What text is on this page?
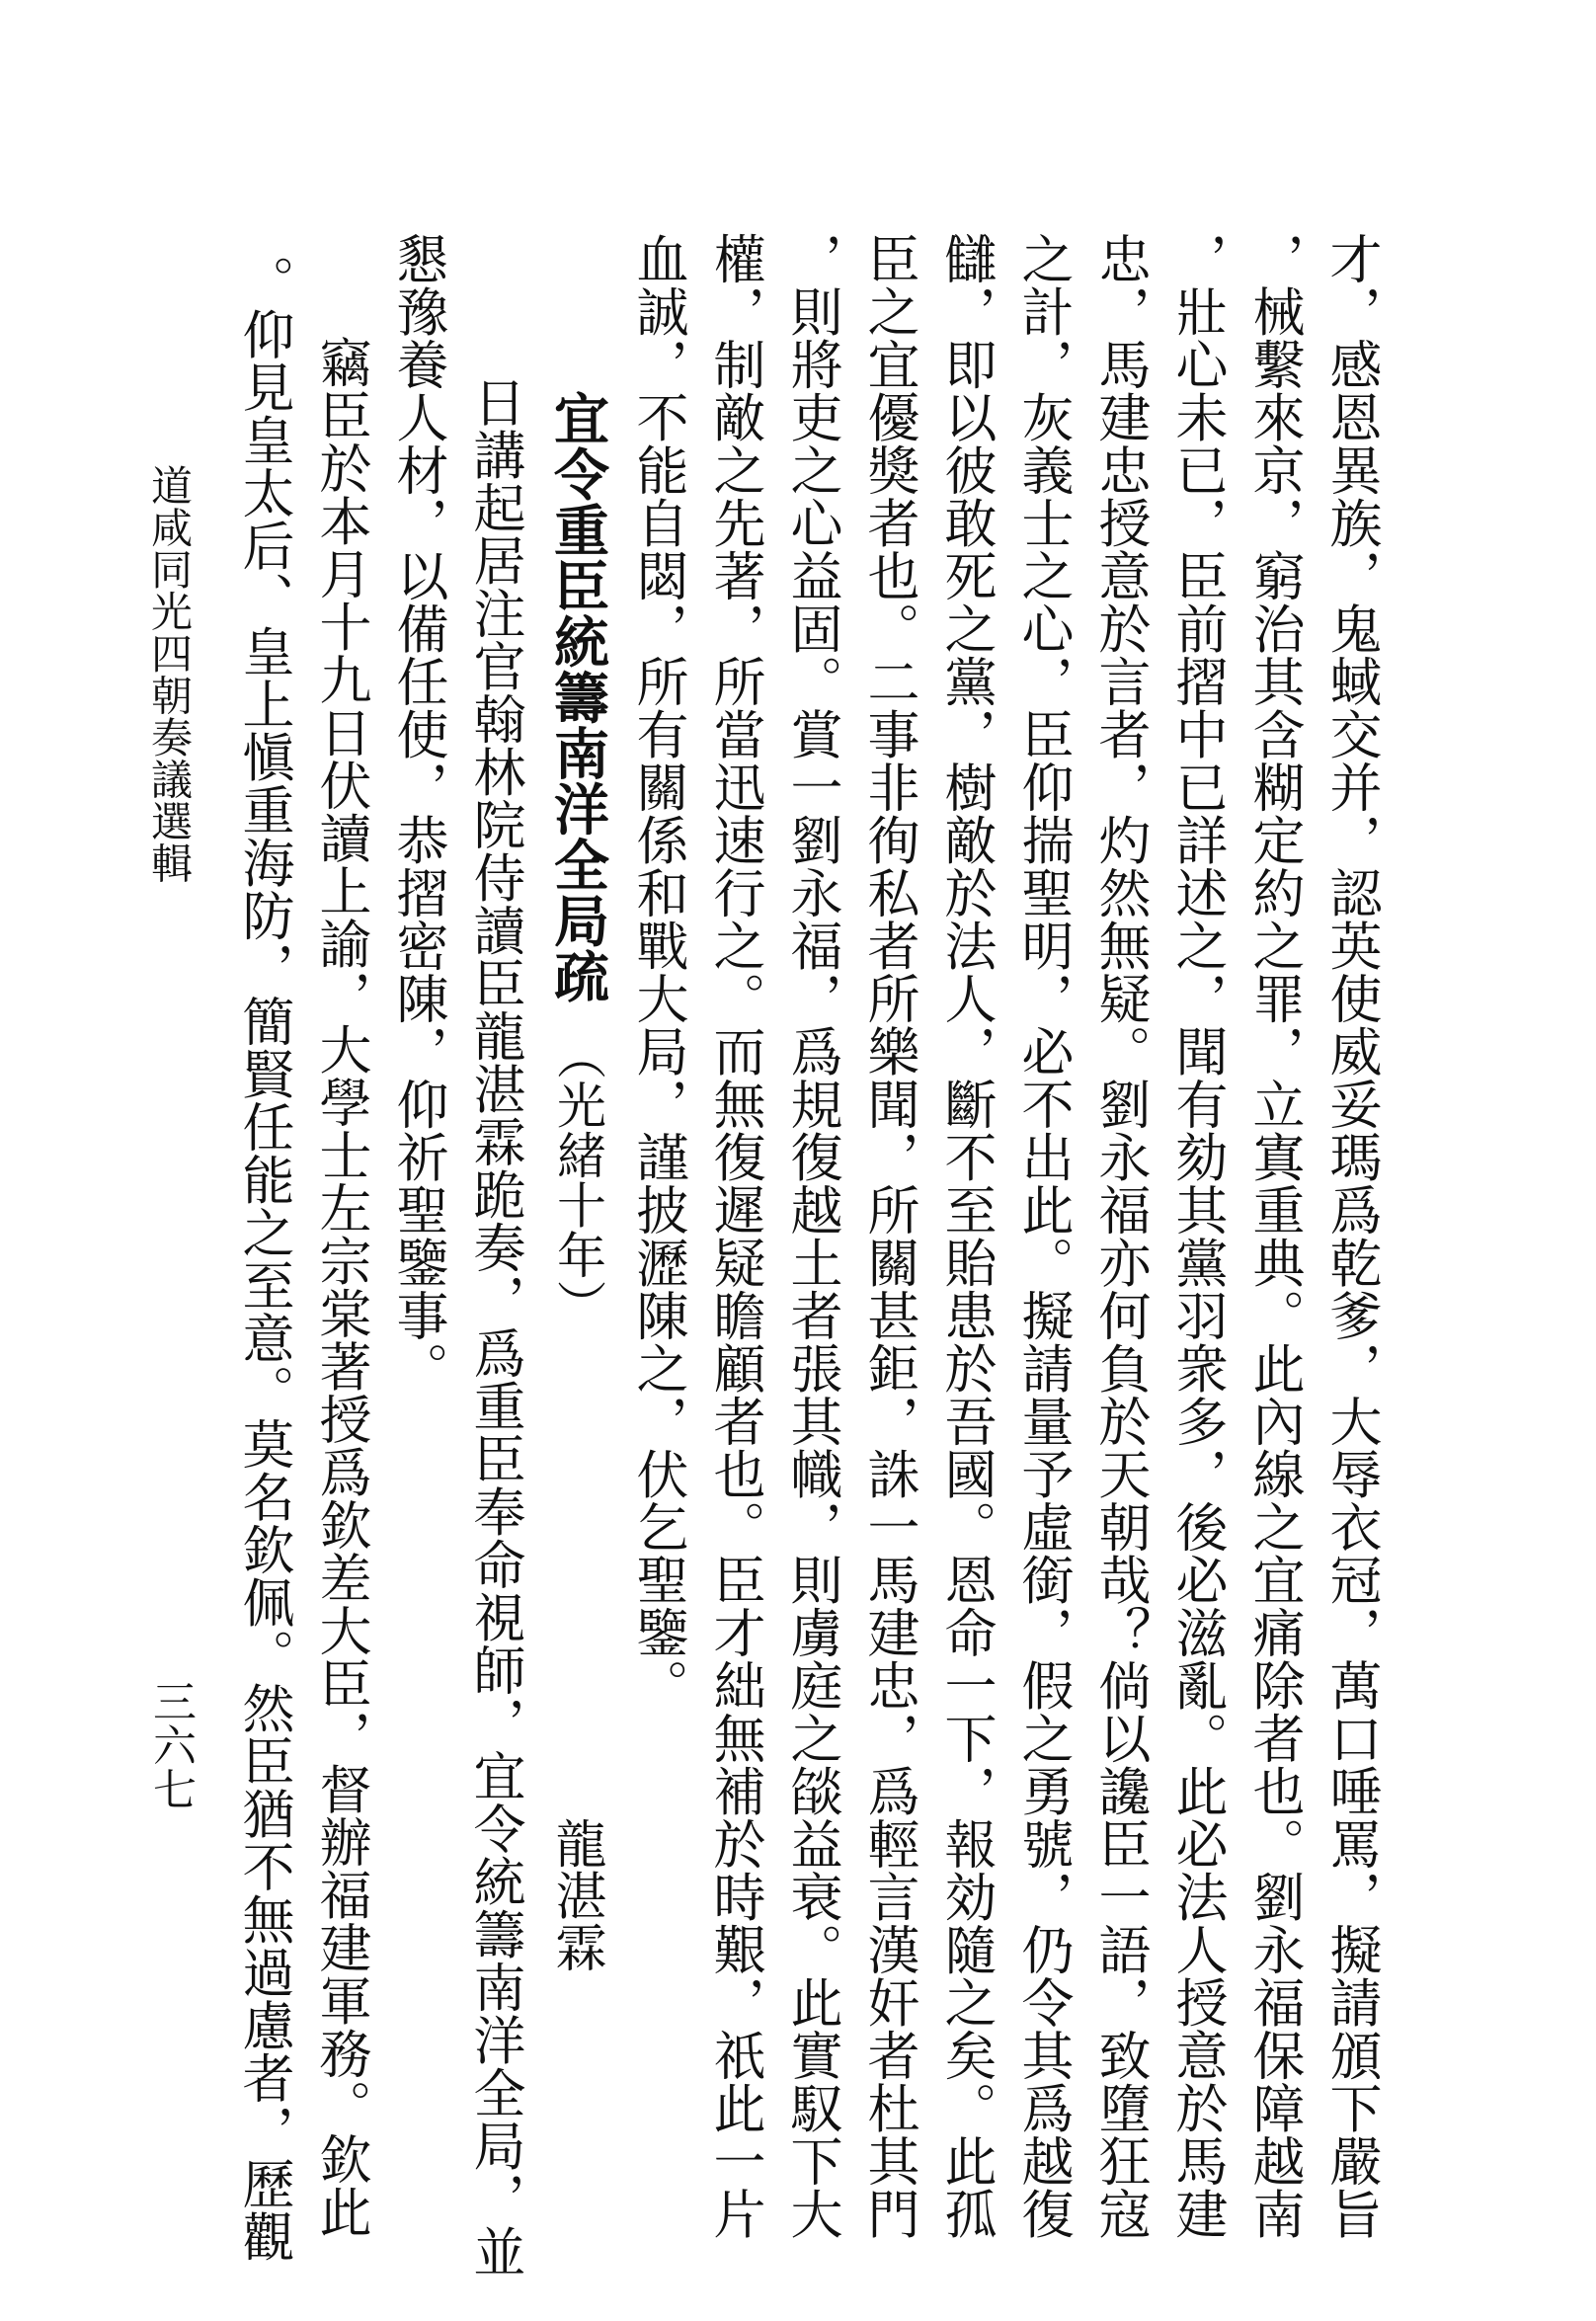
才，感恩異族，鬼蜮交并，認英使威妥瑪爲乾爹，大辱衣冠，萬口唾罵，擬請頒下嚴旨
，械繫來京，窮治其含糊定約之罪，立寘重典。此內線之宜痛除者也。劉永福保障越南
，壯心未已，臣前摺中已詳述之，聞有劾其黨羽衆多，後必滋亂。此必法人授意於馬建
忠，馬建忠授意於言者，灼然無疑。劉永福亦何負於天朝哉？倘以讒臣一語，致墮狂寇
之計，灰義士之心，臣仰揣聖明，必不出此。擬請量予虛銜，假之勇號，仍令其爲越復
讎，即以彼敢死之黨，樹敵於法人，斷不至貽患於吾國。恩命一下，報効隨之矣。此孤
臣之宜優獎者也。二事非徇私者所樂聞，所關甚鉅，誅一馬建忠，爲輕言漢奸者杜其門
，則將吏之心益固。賞一劉永福，爲規復越土者張其幟，則虜庭之燄益衰。此實馭下大
權，制敵之先著，所當迅速行之。而無復遲疑瞻顧者也。臣才絀無補於時艱，祇此一片
血誠，不能自閟，所有關係和戰大局，謹披瀝陳之，伏乞聖鑒。
宜令重臣統籌南洋全局疏（光緒十年）
龍湛霖
日講起居注官翰林院侍讀臣龍湛霖跪奏，爲重臣奉命視師，宜令統籌南洋全局，並
懇豫養人材，以備任使，恭摺密陳，仰祈聖鑒事。
竊臣於本月十九日伏讀上諭，大學士左宗棠著授爲欽差大臣，督辦福建軍務。欽此
。仰見皇太后、皇上愼重海防，簡賢任能之至意。莫名欽佩。然臣猶不無過慮者，歷觀
道咸同光四朝奏議選輯
三六七
